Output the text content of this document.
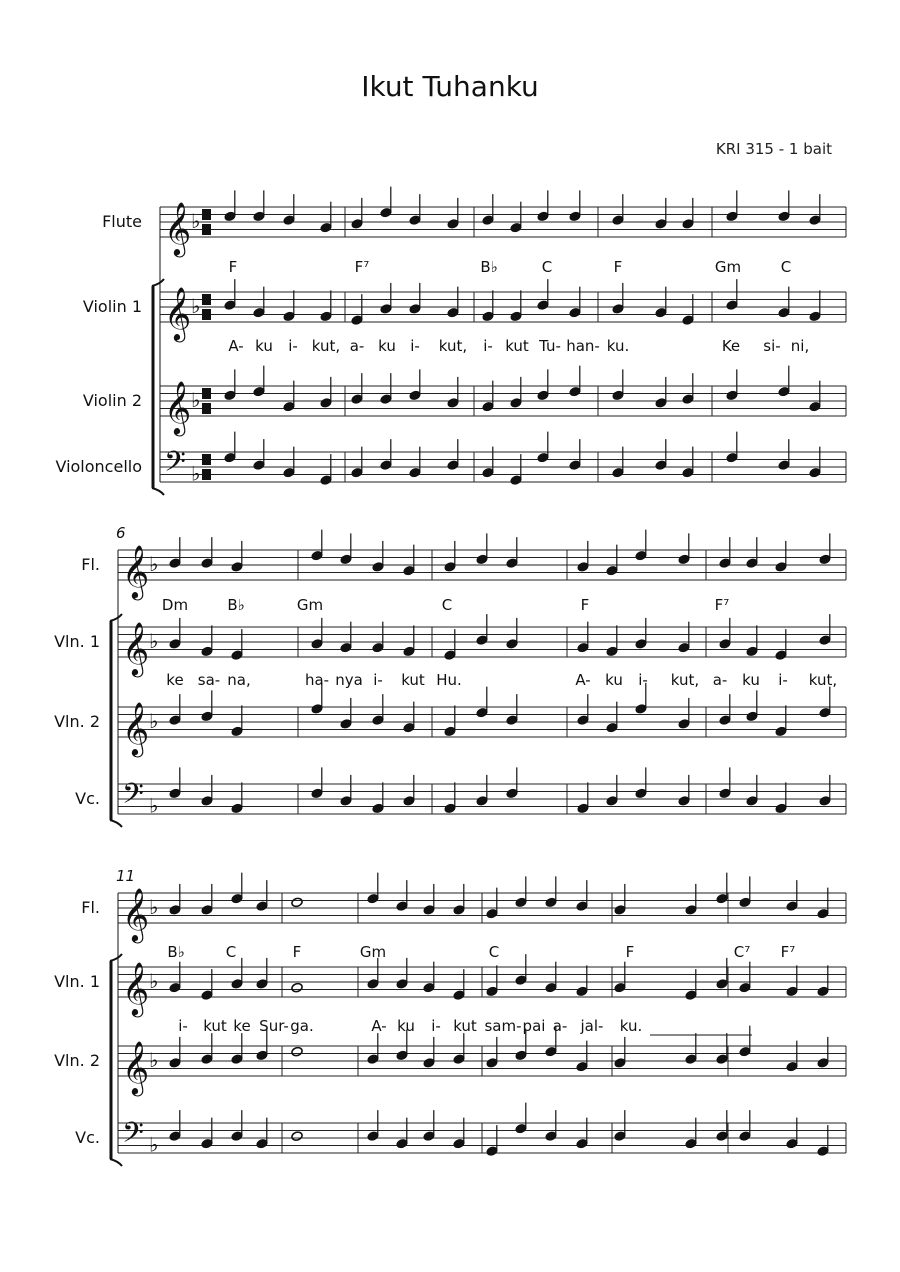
Ikut Tuhanku
KRI 315 - 1 bait
Flute 𝄞 ♭
Violin 1 𝄞 ♭
Violin 2 𝄞 ♭
Violoncello 𝄢 ♭
F	F⁷	B♭	C	F	Gm	C
A- ku i- kut, a- ku i- kut, i- kut Tu- han- ku.	Ke si- ni,
6
Fl. 𝄞 ♭
Vln. 1 𝄞 ♭
Vln. 2 𝄞 ♭
Vc. 𝄢 ♭
Dm	B♭	Gm	C	F	F⁷
ke sa- na,	ha- nya i- kut Hu.	A- ku i- kut, a- ku i- kut,
11
Fl. 𝄞 ♭
Vln. 1 𝄞 ♭
Vln. 2 𝄞 ♭
Vc. 𝄢 ♭
B♭	C	F	Gm	C	F	C⁷ F⁷
i- kut ke Sur- ga.	A- ku i- kut sam- pai a- jal- ku.
